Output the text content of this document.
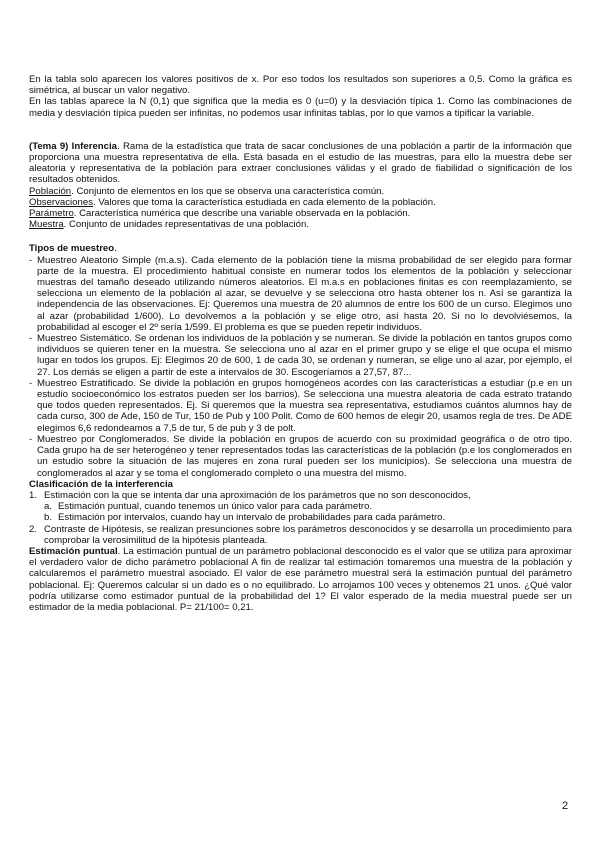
En la tabla solo aparecen los valores positivos de x. Por eso todos los resultados son superiores a 0,5. Como la gráfica es simétrica, al buscar un valor negativo.

En las tablas aparece la N (0,1) que significa que la media es 0 (u=0) y la desviación típica 1. Como las combinaciones de media y desviación típica pueden ser infinitas, no podemos usar infinitas tablas, por lo que vamos a tipificar la variable.

(Tema 9) Inferencia. Rama de la estadística que trata de sacar conclusiones de una población a partir de la información que proporciona una muestra representativa de ella. Está basada en el estudio de las muestras, para ello la muestra debe ser aleatoria y representativa de la población para extraer conclusiones válidas y el grado de fiabilidad o significación de los resultados obtenidos.

Población. Conjunto de elementos en los que se observa una característica común.

Observaciones. Valores que toma la característica estudiada en cada elemento de la población.

Parámetro. Característica numérica que describe una variable observada en la población.

Muestra. Conjunto de unidades representativas de una población.

Tipos de muestreo.

- Muestreo Aleatorio Simple (m.a.s). Cada elemento de la población tiene la misma probabilidad de ser elegido para formar parte de la muestra. El procedimiento habitual consiste en numerar todos los elementos de la población y seleccionar muestras del tamaño deseado utilizando números aleatorios. El m.a.s en poblaciones finitas es con reemplazamiento, se selecciona un elemento de la población al azar, se devuelve y se selecciona otro hasta obtener los n. Así se garantiza la independencia de las observaciones. Ej: Queremos una muestra de 20 alumnos de entre los 600 de un curso. Elegimos uno al azar (probabilidad 1/600). Lo devolvemos a la población y se elige otro, así hasta 20. Si no lo devolviésemos, la probabilidad al escoger el 2º sería 1/599. El problema es que se pueden repetir individuos.
- Muestreo Sistemático. Se ordenan los individuos de la población y se numeran. Se divide la población en tantos grupos como individuos se quieren tener en la muestra. Se selecciona uno al azar en el primer grupo y se elige el que ocupa el mismo lugar en todos los grupos. Ej: Elegimos 20 de 600, 1 de cada 30, se ordenan y numeran, se elige uno al azar, por ejemplo, el 27. Los demás se eligen a partir de este a intervalos de 30. Escogeríamos a 27,57, 87...
- Muestreo Estratificado. Se divide la población en grupos homogéneos acordes con las características a estudiar (p.e en un estudio socioeconómico los estratos pueden ser los barrios). Se selecciona una muestra aleatoria de cada estrato tratando que todos queden representados. Ej. Si queremos que la muestra sea representativa, estudiamos cuántos alumnos hay de cada curso, 300 de Ade, 150 de Tur, 150 de Pub y 100 Polit. Como de 600 hemos de elegir 20, usamos regla de tres. De ADE elegimos 6,6 redondeamos a 7,5 de tur, 5 de pub y 3 de polt.
- Muestreo por Conglomerados. Se divide la población en grupos de acuerdo con su proximidad geográfica o de otro tipo. Cada grupo ha de ser heterogéneo y tener representados todas las características de la población (p.e los conglomerados en un estudio sobre la situación de las mujeres en zona rural pueden ser los municipios). Se selecciona una muestra de conglomerados al azar y se toma el conglomerado completo o una muestra del mismo.

Clasificación de la interferencia

1. Estimación con la que se intenta dar una aproximación de los parámetros que no son desconocidos,
a. Estimación puntual, cuando tenemos un único valor para cada parámetro.
b. Estimación por intervalos, cuando hay un intervalo de probabilidades para cada parámetro.
2. Contraste de Hipótesis, se realizan presunciones sobre los parámetros desconocidos y se desarrolla un procedimiento para comprobar la verosimilitud de la hipótesis planteada.

Estimación puntual. La estimación puntual de un parámetro poblacional desconocido es el valor que se utiliza para aproximar el verdadero valor de dicho parámetro poblacional A fin de realizar tal estimación tomaremos una muestra de la población y calcularemos el parámetro muestral asociado. El valor de ese parámetro muestral será la estimación puntual del parámetro poblacional. Ej: Queremos calcular si un dado es o no equilibrado. Lo arrojamos 100 veces y obtenemos 21 unos. ¿Qué valor podría utilizarse como estimador puntual de la probabilidad del 1? El valor esperado de la media muestral puede ser un estimador de la media poblacional. P= 21/100= 0,21.

2
